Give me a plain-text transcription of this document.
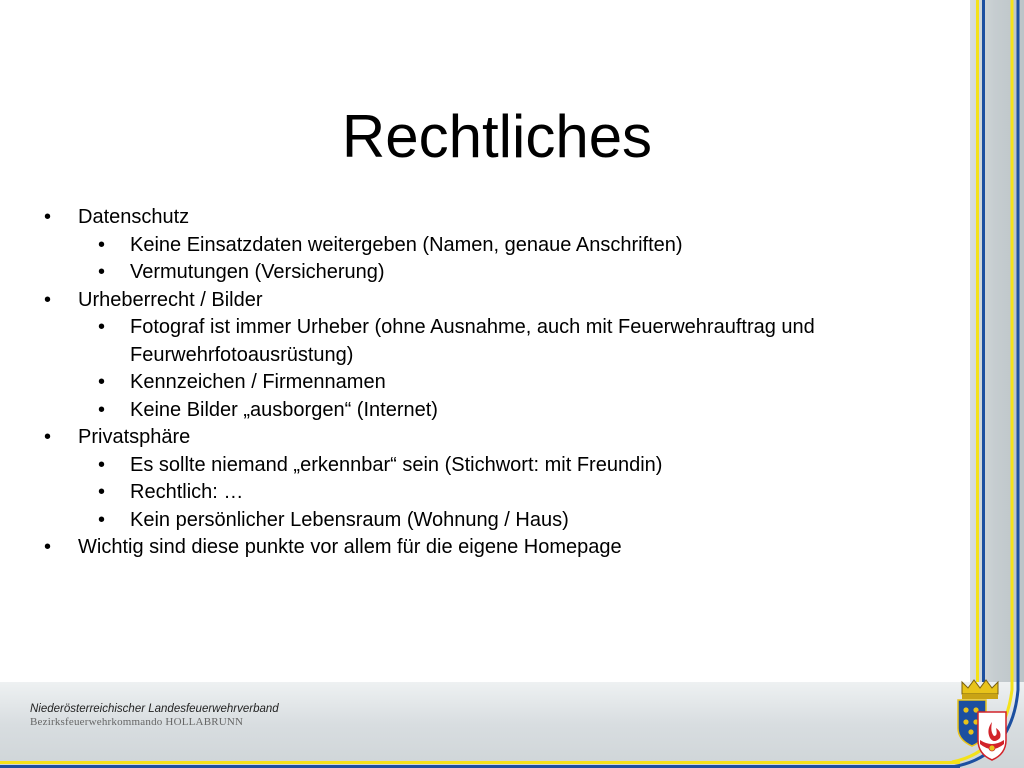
Rechtliches
• Datenschutz
• Keine Einsatzdaten weitergeben (Namen, genaue Anschriften)
• Vermutungen (Versicherung)
• Urheberrecht / Bilder
• Fotograf ist immer Urheber (ohne Ausnahme, auch mit Feuerwehrauftrag und Feurwehrfotoausrüstung)
• Kennzeichen / Firmennamen
• Keine Bilder „ausborgen“ (Internet)
• Privatsphäre
• Es sollte niemand „erkennbar“ sein (Stichwort: mit Freundin)
• Rechtlich: …
• Kein persönlicher Lebensraum (Wohnung / Haus)
• Wichtig sind diese punkte vor allem für die eigene Homepage
Niederösterreichischer Landesfeuerwehrverband
Bezirksfeuerwehrkommando HOLLABRUNN
